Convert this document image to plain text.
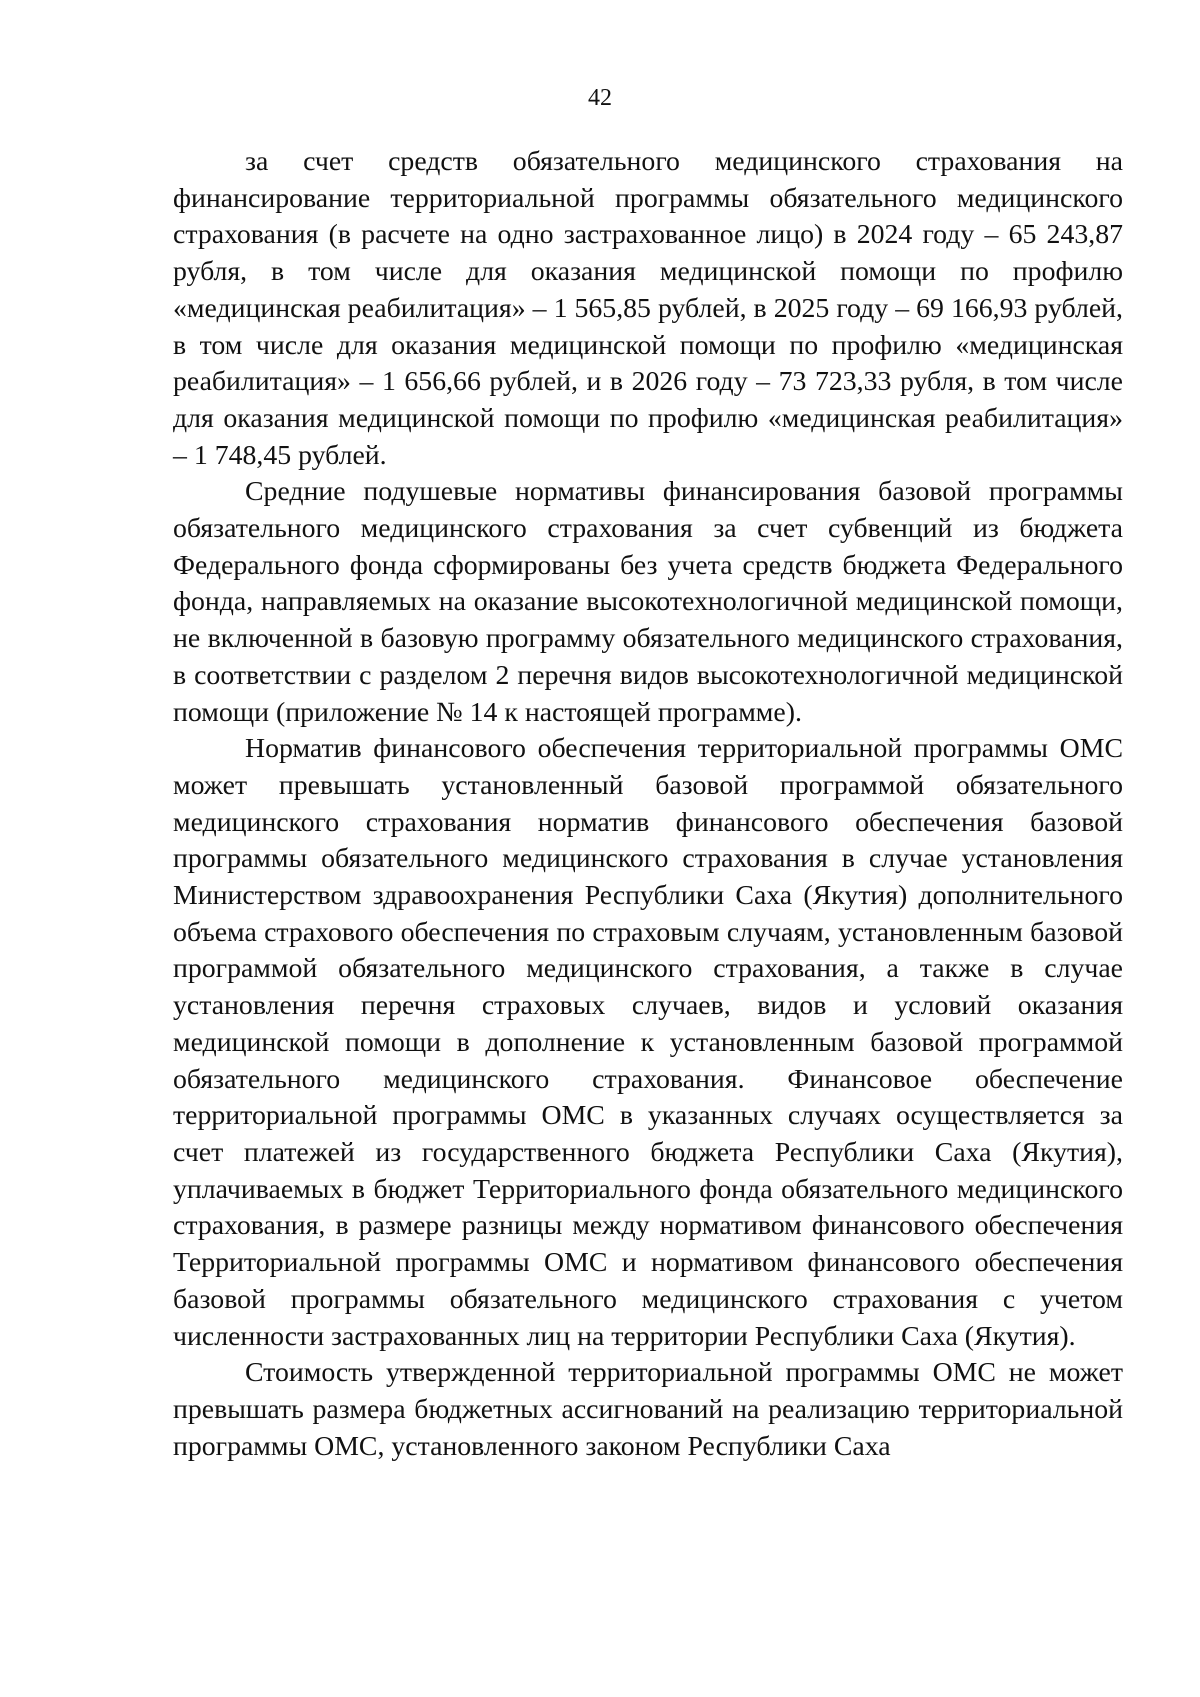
42

за счет средств обязательного медицинского страхования на финансирование территориальной программы обязательного медицинского страхования (в расчете на одно застрахованное лицо) в 2024 году – 65 243,87 рубля, в том числе для оказания медицинской помощи по профилю «медицинская реабилитация» – 1 565,85 рублей, в 2025 году – 69 166,93 рублей, в том числе для оказания медицинской помощи по профилю «медицинская реабилитация» – 1 656,66 рублей, и в 2026 году – 73 723,33 рубля, в том числе для оказания медицинской помощи по профилю «медицинская реабилитация» – 1 748,45 рублей.

Средние подушевые нормативы финансирования базовой программы обязательного медицинского страхования за счет субвенций из бюджета Федерального фонда сформированы без учета средств бюджета Федерального фонда, направляемых на оказание высокотехнологичной медицинской помощи, не включенной в базовую программу обязательного медицинского страхования, в соответствии с разделом 2 перечня видов высокотехнологичной медицинской помощи (приложение № 14 к настоящей программе).

Норматив финансового обеспечения территориальной программы ОМС может превышать установленный базовой программой обязательного медицинского страхования норматив финансового обеспечения базовой программы обязательного медицинского страхования в случае установления Министерством здравоохранения Республики Саха (Якутия) дополнительного объема страхового обеспечения по страховым случаям, установленным базовой программой обязательного медицинского страхования, а также в случае установления перечня страховых случаев, видов и условий оказания медицинской помощи в дополнение к установленным базовой программой обязательного медицинского страхования. Финансовое обеспечение территориальной программы ОМС в указанных случаях осуществляется за счет платежей из государственного бюджета Республики Саха (Якутия), уплачиваемых в бюджет Территориального фонда обязательного медицинского страхования, в размере разницы между нормативом финансового обеспечения Территориальной программы ОМС и нормативом финансового обеспечения базовой программы обязательного медицинского страхования с учетом численности застрахованных лиц на территории Республики Саха (Якутия).

Стоимость утвержденной территориальной программы ОМС не может превышать размера бюджетных ассигнований на реализацию территориальной программы ОМС, установленного законом Республики Саха
